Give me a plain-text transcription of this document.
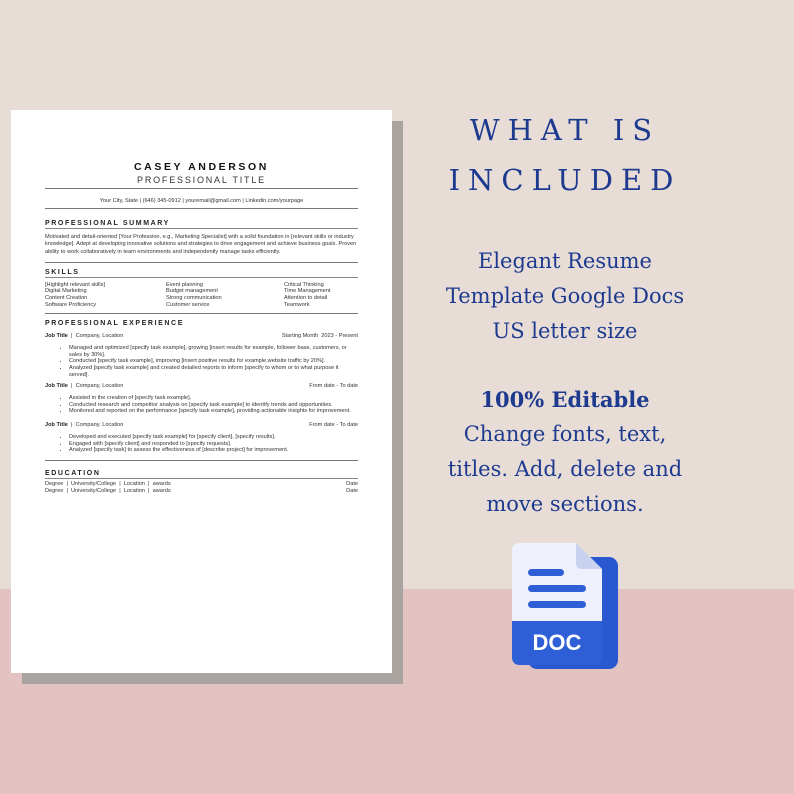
CASEY ANDERSON
PROFESSIONAL TITLE
Your City, State | (646) 345-0912 | youremail@gmail.com | Linkedin.com/yourpage
PROFESSIONAL SUMMARY
Motivated and detail-oriented [Your Profession, e.g., Marketing Specialist] with a solid foundation in [relevant skills or industry knowledge]. Adept at developing innovative solutions and strategies to drive engagement and achieve business goals. Proven ability to work collaboratively in team environments and independently manage tasks efficiently.
SKILLS
[Highlight relevant skills]	Event planning	Critical Thinking
Digital Marketing	Budget management	Time Management
Content Creation	Strong communication	Attention to detail
Software Proficiency	Customer service	Teamwork
PROFESSIONAL EXPERIENCE
Job Title  |  Company, Location	Starting Month  2023 - Present
• Managed and optimized [specify task example], growing [insert results for example, follower base, customers, or sales by 30%].
• Conducted [specify task example], improving [insert positive results for example,website traffic by 20%].
• Analyzed [specify task example] and created detailed reports to inform [specify to whom or to what purpose it served].
Job Title  |  Company, Location	From date - To date
• Assisted in the creation of [specify task example].
• Conducted research and competitor analysis on [specify task example] to identify trends and opportunities.
• Monitored and reported on the performance [specify task example], providing actionable insights for improvement.
Job Title  |  Company, Location	From date - To date
• Developed and executed [specify task example] for [specify client], [specify results].
• Engaged with [specify client] and responded to [specify requests].
• Analyzed [specify task] to assess the effectiveness of [describe project] for improvement.
EDUCATION
Degree  |  University/College  |  Location  |  awards	Date
Degree  |  University/College  |  Location  |  awards	Date
WHAT IS
INCLUDED
Elegant Resume
Template Google Docs
US letter size
100% Editable
Change fonts, text,
titles. Add, delete and
move sections.
DOC
